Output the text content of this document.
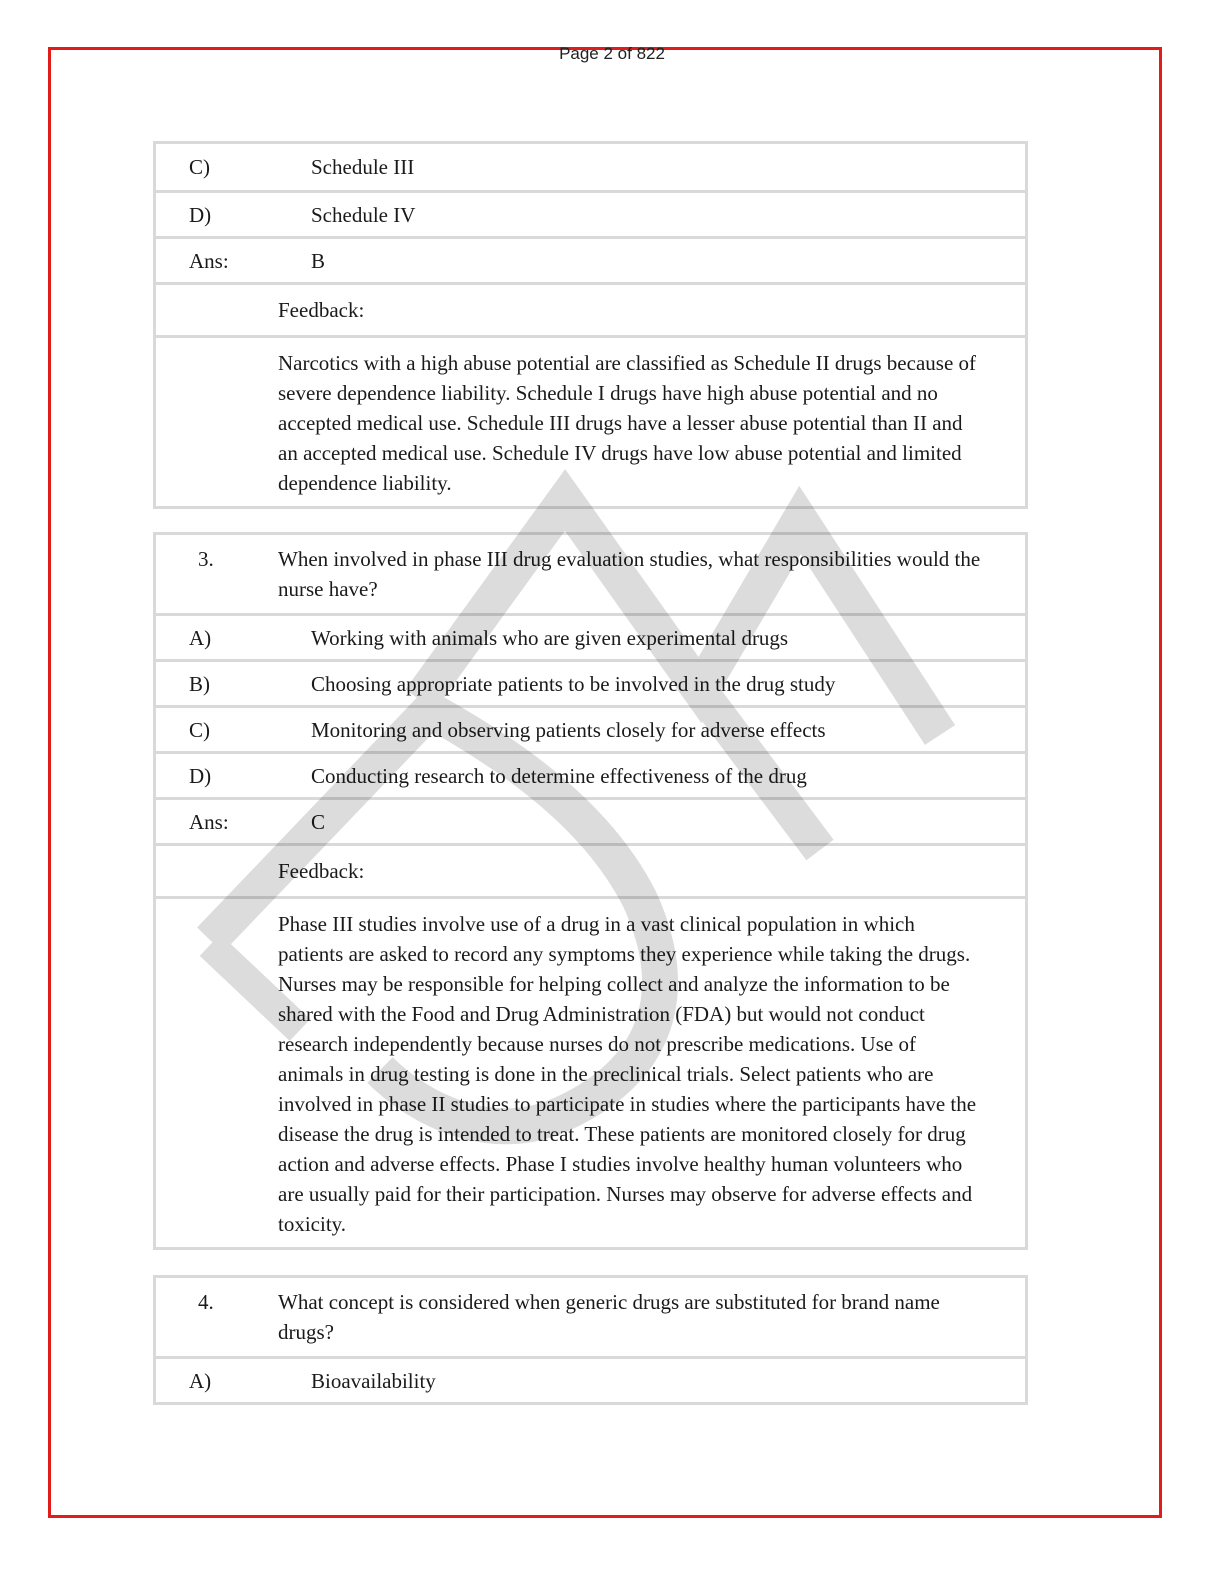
Page 2 of 822
C)	Schedule III
D)	Schedule IV
Ans:	B
Feedback:
Narcotics with a high abuse potential are classified as Schedule II drugs because of severe dependence liability. Schedule I drugs have high abuse potential and no accepted medical use. Schedule III drugs have a lesser abuse potential than II and an accepted medical use. Schedule IV drugs have low abuse potential and limited dependence liability.
3.	When involved in phase III drug evaluation studies, what responsibilities would the nurse have?
A)	Working with animals who are given experimental drugs
B)	Choosing appropriate patients to be involved in the drug study
C)	Monitoring and observing patients closely for adverse effects
D)	Conducting research to determine effectiveness of the drug
Ans:	C
Feedback:
Phase III studies involve use of a drug in a vast clinical population in which patients are asked to record any symptoms they experience while taking the drugs. Nurses may be responsible for helping collect and analyze the information to be shared with the Food and Drug Administration (FDA) but would not conduct research independently because nurses do not prescribe medications. Use of animals in drug testing is done in the preclinical trials. Select patients who are involved in phase II studies to participate in studies where the participants have the disease the drug is intended to treat. These patients are monitored closely for drug action and adverse effects. Phase I studies involve healthy human volunteers who are usually paid for their participation. Nurses may observe for adverse effects and toxicity.
4.	What concept is considered when generic drugs are substituted for brand name drugs?
A)	Bioavailability
